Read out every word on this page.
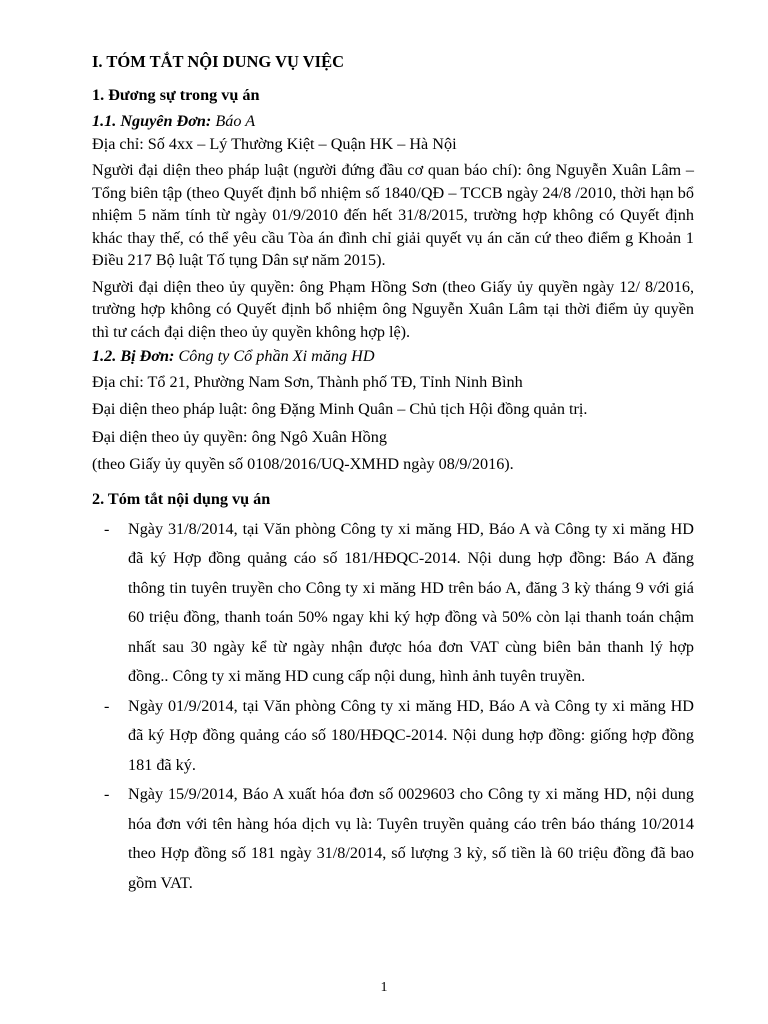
I. TÓM TẮT NỘI DUNG VỤ VIỆC

1. Đương sự trong vụ án

1.1. Nguyên Đơn: Báo A

Địa chỉ: Số 4xx – Lý Thường Kiệt – Quận HK – Hà Nội

Người đại diện theo pháp luật (người đứng đầu cơ quan báo chí): ông Nguyễn Xuân Lâm – Tổng biên tập (theo Quyết định bổ nhiệm số 1840/QĐ – TCCB ngày 24/8 /2010, thời hạn bổ nhiệm 5 năm tính từ ngày 01/9/2010 đến hết 31/8/2015, trường hợp không có Quyết định khác thay thế, có thể yêu cầu Tòa án đình chỉ giải quyết vụ án căn cứ theo điểm g Khoản 1 Điều 217 Bộ luật Tố tụng Dân sự năm 2015).

Người đại diện theo ủy quyền: ông Phạm Hồng Sơn (theo Giấy ủy quyền ngày 12/ 8/2016, trường hợp không có Quyết định bổ nhiệm ông Nguyễn Xuân Lâm tại thời điểm ủy quyền thì tư cách đại diện theo ủy quyền không hợp lệ).

1.2. Bị Đơn: Công ty Cổ phần Xi măng HD

Địa chỉ: Tổ 21, Phường Nam Sơn, Thành phố TĐ, Tỉnh Ninh Bình

Đại diện theo pháp luật: ông Đặng Minh Quân – Chủ tịch Hội đồng quản trị.

Đại diện theo ủy quyền: ông Ngô Xuân Hồng

(theo Giấy ủy quyền số 0108/2016/UQ-XMHD ngày 08/9/2016).

2. Tóm tắt nội dụng vụ án

- Ngày 31/8/2014, tại Văn phòng Công ty xi măng HD, Báo A và Công ty xi măng HD đã ký Hợp đồng quảng cáo số 181/HĐQC-2014. Nội dung hợp đồng: Báo A đăng thông tin tuyên truyền cho Công ty xi măng HD trên báo A, đăng 3 kỳ tháng 9 với giá 60 triệu đồng, thanh toán 50% ngay khi ký hợp đồng và 50% còn lại thanh toán chậm nhất sau 30 ngày kể từ ngày nhận được hóa đơn VAT cùng biên bản thanh lý hợp đồng.. Công ty xi măng HD cung cấp nội dung, hình ảnh tuyên truyền.
- Ngày 01/9/2014, tại Văn phòng Công ty xi măng HD, Báo A và Công ty xi măng HD đã ký Hợp đồng quảng cáo số 180/HĐQC-2014. Nội dung hợp đồng: giống hợp đồng 181 đã ký.
- Ngày 15/9/2014, Báo A xuất hóa đơn số 0029603 cho Công ty xi măng HD, nội dung hóa đơn với tên hàng hóa dịch vụ là: Tuyên truyền quảng cáo trên báo tháng 10/2014 theo Hợp đồng số 181 ngày 31/8/2014, số lượng 3 kỳ, số tiền là 60 triệu đồng đã bao gồm VAT.
1
